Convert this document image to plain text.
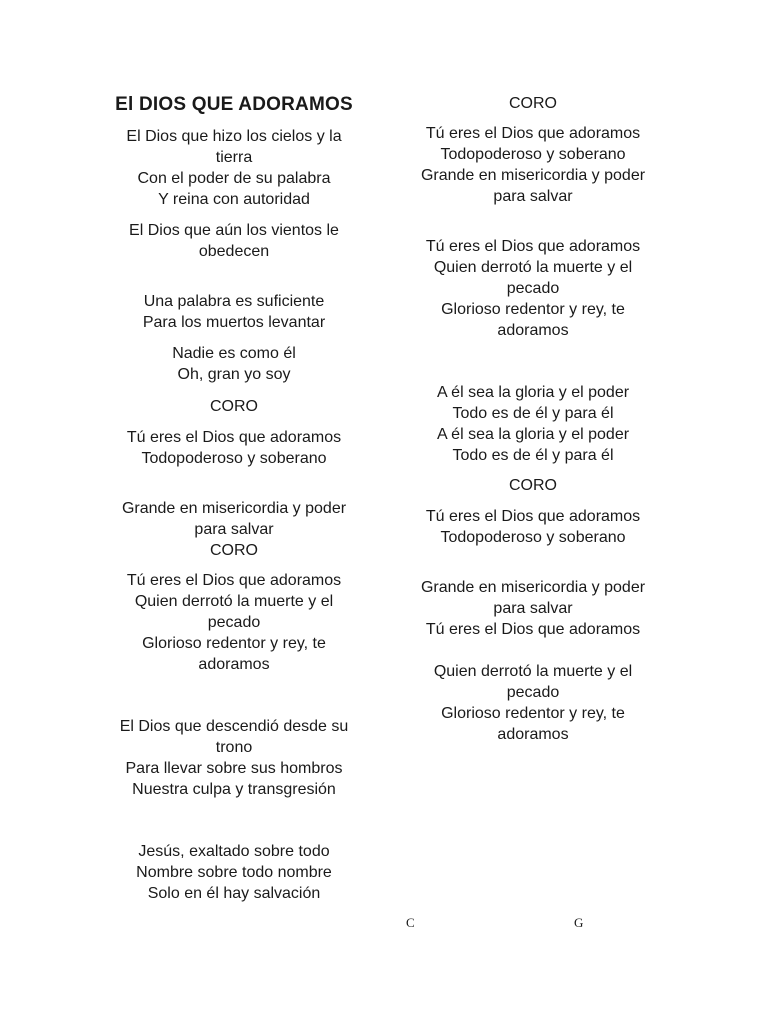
El DIOS QUE ADORAMOS
El Dios que hizo los cielos y la
tierra
Con el poder de su palabra
Y reina con autoridad
El Dios que aún los vientos le
obedecen
Una palabra es suficiente
Para los muertos levantar
Nadie es como él
Oh, gran yo soy
CORO
Tú eres el Dios que adoramos
Todopoderoso y soberano
Grande en misericordia y poder
para salvar
CORO
Tú eres el Dios que adoramos
Quien derrotó la muerte y el
pecado
Glorioso redentor y rey, te
adoramos
El Dios que descendió desde su
trono
Para llevar sobre sus hombros
Nuestra culpa y transgresión
Jesús, exaltado sobre todo
Nombre sobre todo nombre
Solo en él hay salvación
CORO
Tú eres el Dios que adoramos
Todopoderoso y soberano
Grande en misericordia y poder
para salvar
Tú eres el Dios que adoramos
Quien derrotó la muerte y el
pecado
Glorioso redentor y rey, te
adoramos
A él sea la gloria y el poder
Todo es de él y para él
A él sea la gloria y el poder
Todo es de él y para él
CORO
Tú eres el Dios que adoramos
Todopoderoso y soberano
Grande en misericordia y poder
para salvar
Tú eres el Dios que adoramos
Quien derrotó la muerte y el
pecado
Glorioso redentor y rey, te
adoramos
C	G
